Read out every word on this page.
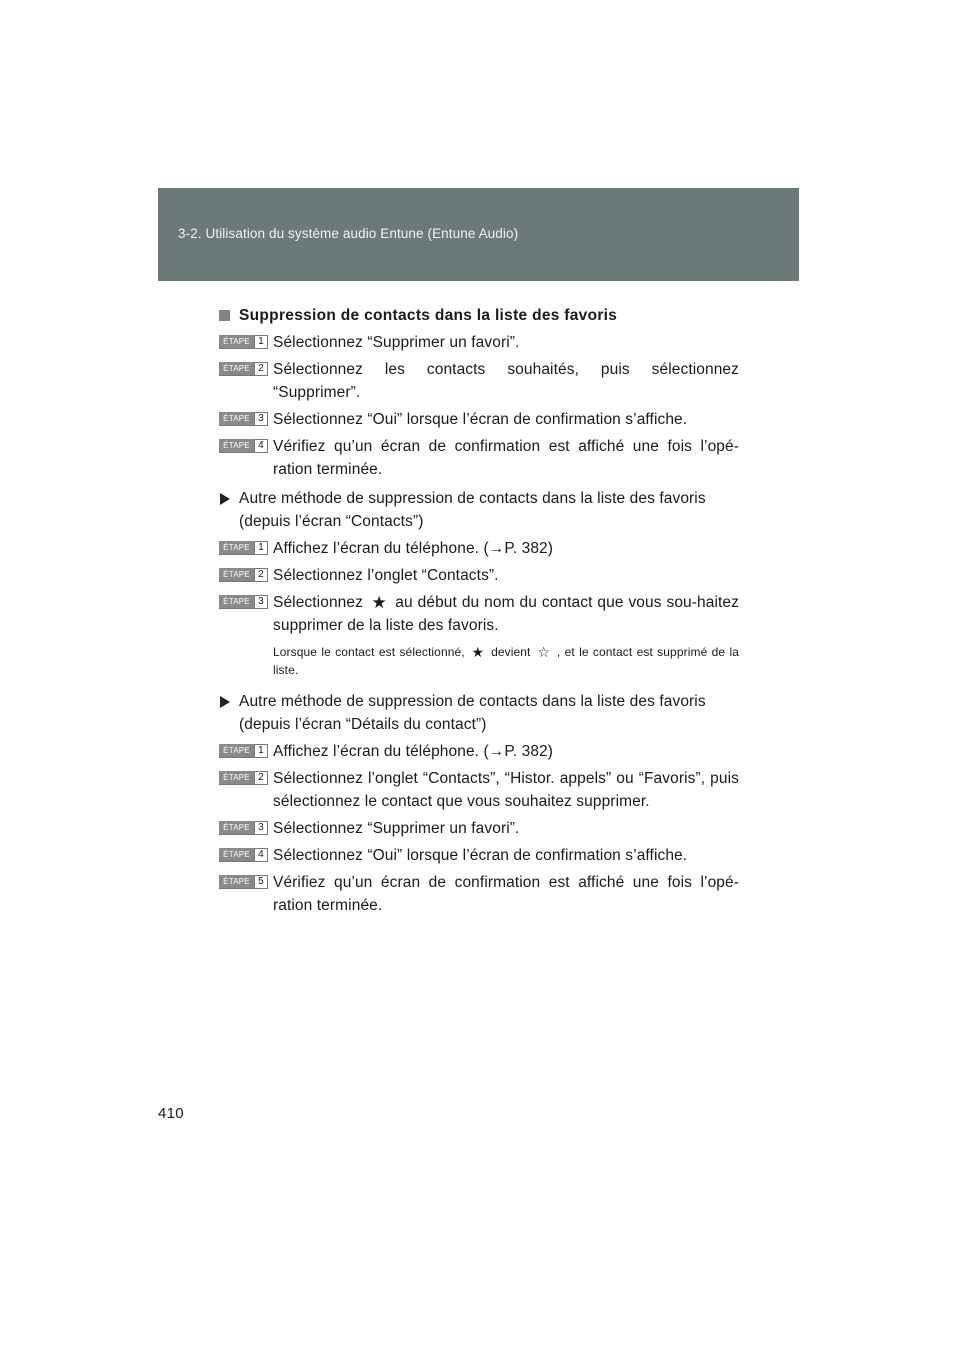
3-2. Utilisation du système audio Entune (Entune Audio)
Suppression de contacts dans la liste des favoris
ÉTAPE 1 Sélectionnez “Supprimer un favori”.
ÉTAPE 2 Sélectionnez les contacts souhaités, puis sélectionnez “Supprimer”.
ÉTAPE 3 Sélectionnez “Oui” lorsque l’écran de confirmation s’affiche.
ÉTAPE 4 Vérifiez qu’un écran de confirmation est affiché une fois l’opé-ration terminée.
Autre méthode de suppression de contacts dans la liste des favoris (depuis l’écran “Contacts”)
ÉTAPE 1 Affichez l’écran du téléphone. (→P. 382)
ÉTAPE 2 Sélectionnez l’onglet “Contacts”.
ÉTAPE 3 Sélectionnez ★ au début du nom du contact que vous sou-haitez supprimer de la liste des favoris.
Lorsque le contact est sélectionné, ★ devient ☆ , et le contact est supprimé de la liste.
Autre méthode de suppression de contacts dans la liste des favoris (depuis l’écran “Détails du contact”)
ÉTAPE 1 Affichez l’écran du téléphone. (→P. 382)
ÉTAPE 2 Sélectionnez l’onglet “Contacts”, “Histor. appels” ou “Favoris”, puis sélectionnez le contact que vous souhaitez supprimer.
ÉTAPE 3 Sélectionnez “Supprimer un favori”.
ÉTAPE 4 Sélectionnez “Oui” lorsque l’écran de confirmation s’affiche.
ÉTAPE 5 Vérifiez qu’un écran de confirmation est affiché une fois l’opé-ration terminée.
410
